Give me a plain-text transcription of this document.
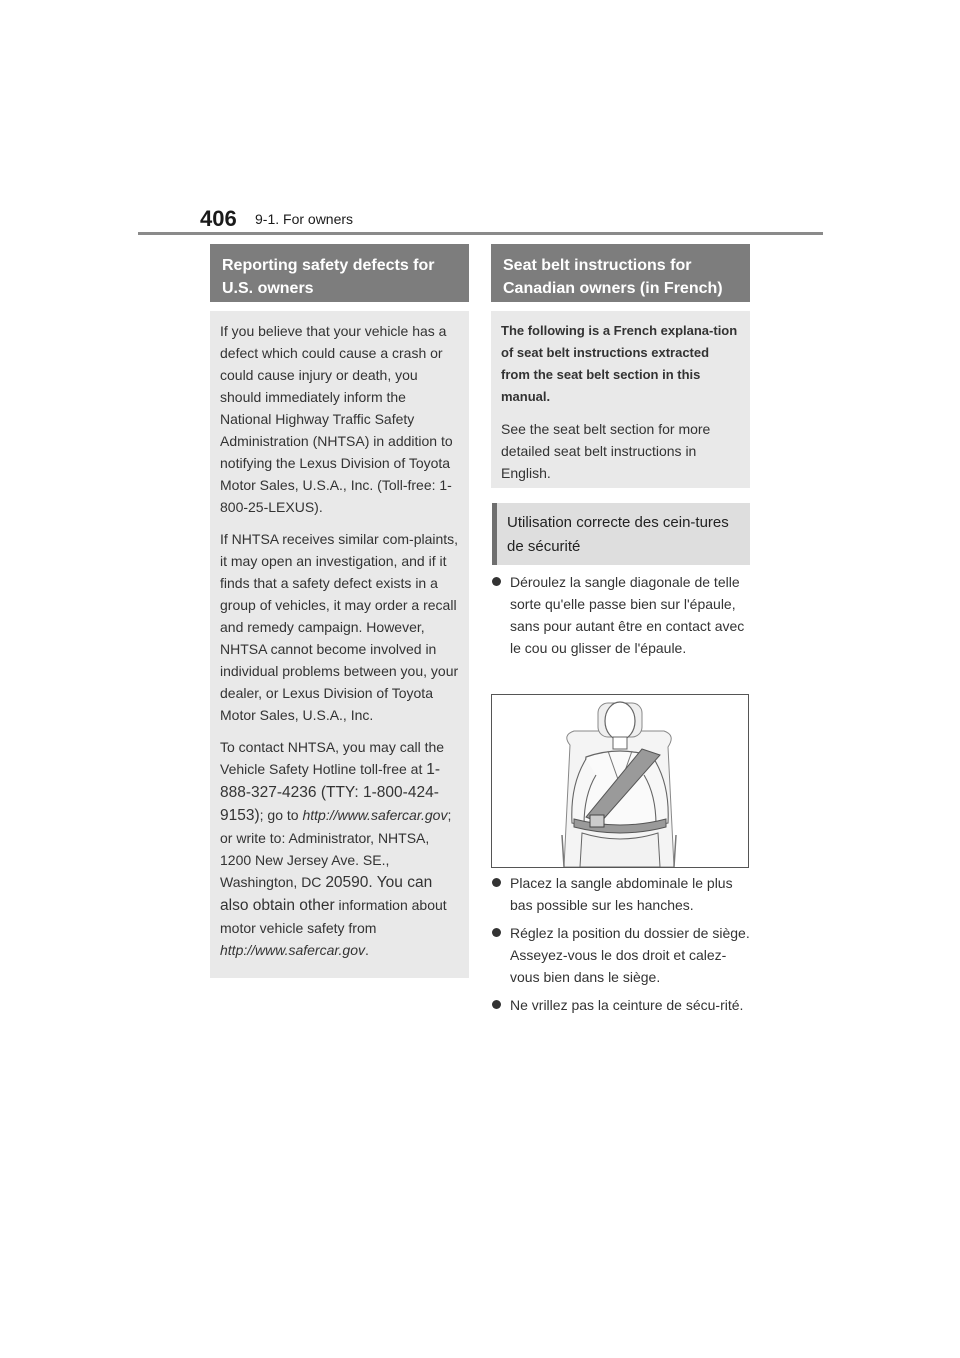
406 9-1. For owners
Reporting safety defects for U.S. owners

If you believe that your vehicle has a defect which could cause a crash or could cause injury or death, you should immediately inform the National Highway Traffic Safety Administration (NHTSA) in addition to notifying the Lexus Division of Toyota Motor Sales, U.S.A., Inc. (Toll-free: 1-800-25-LEXUS).

If NHTSA receives similar com-plaints, it may open an investigation, and if it finds that a safety defect exists in a group of vehicles, it may order a recall and remedy campaign. However, NHTSA cannot become involved in individual problems between you, your dealer, or Lexus Division of Toyota Motor Sales, U.S.A., Inc.

To contact NHTSA, you may call the Vehicle Safety Hotline toll-free at 1-888-327-4236 (TTY: 1-800-424-9153); go to http://www.safercar.gov; or write to: Administrator, NHTSA, 1200 New Jersey Ave. SE., Washington, DC 20590. You can also obtain other information about motor vehicle safety from http://www.safercar.gov.

Seat belt instructions for Canadian owners (in French)

The following is a French explana-tion of seat belt instructions extracted from the seat belt section in this manual.

See the seat belt section for more detailed seat belt instructions in English.

Utilisation correcte des cein-tures de sécurité
Déroulez la sangle diagonale de telle sorte qu'elle passe bien sur l'épaule, sans pour autant être en contact avec le cou ou glisser de l'épaule.
Placez la sangle abdominale le plus bas possible sur les hanches.
Réglez la position du dossier de siège. Asseyez-vous le dos droit et calez-vous bien dans le siège.
Ne vrillez pas la ceinture de sécu-rité.
